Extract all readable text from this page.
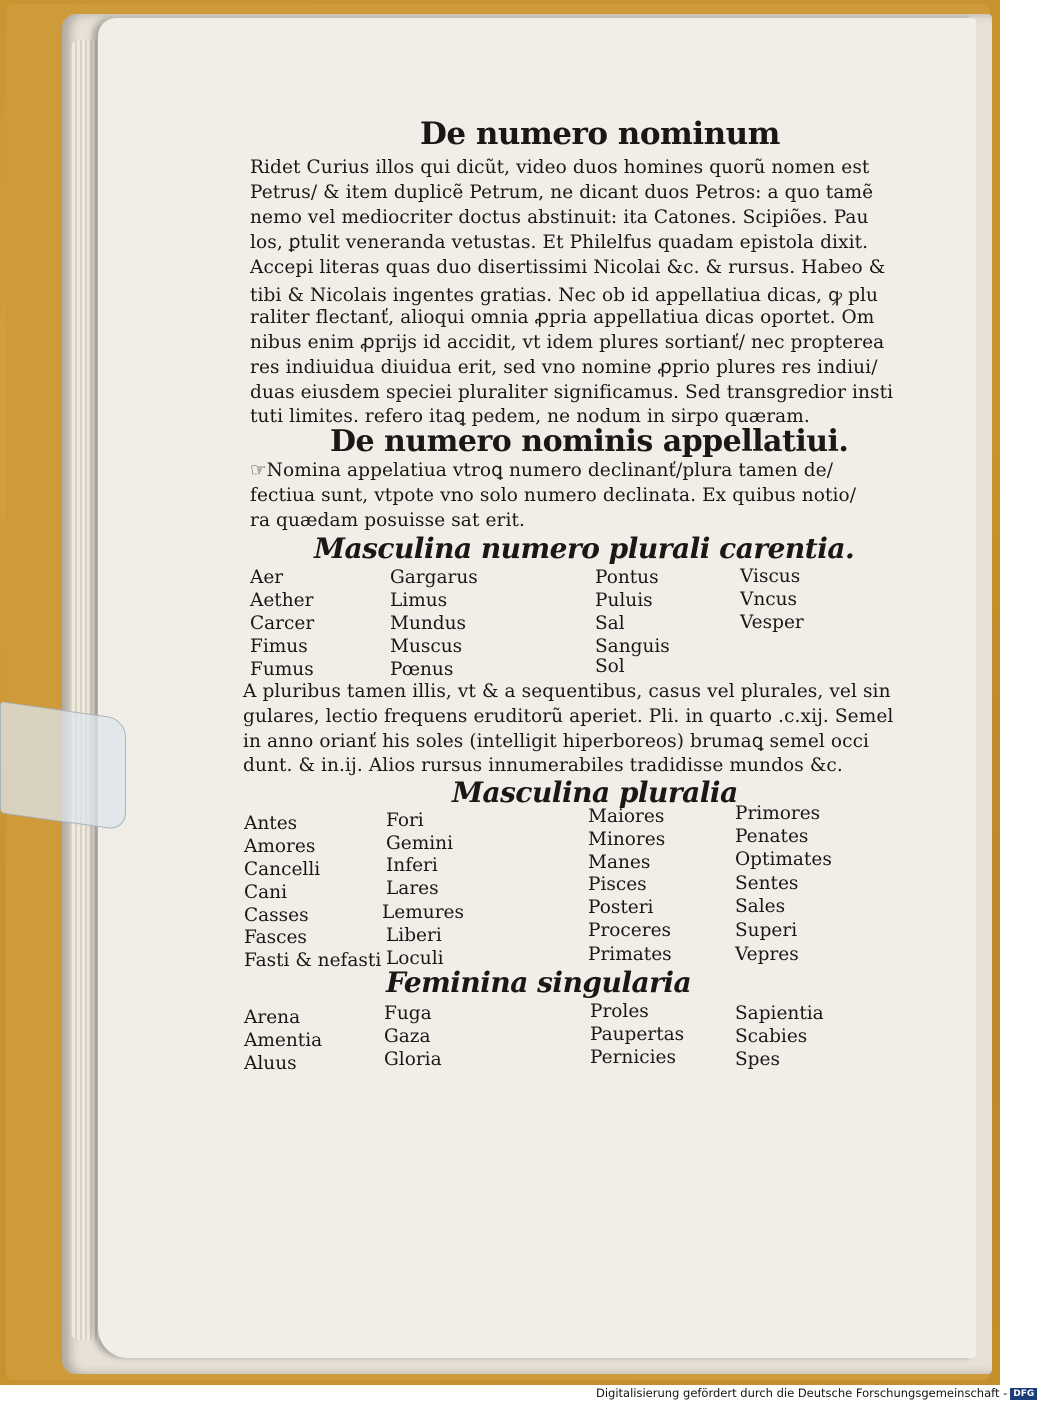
De numero nominum
De numero nominis appellatiui.
Masculina numero plurali carentia.
Masculina pluralia
Feminina singularia
Ridet Curius illos qui dicũt, video duos homines quorũ nomen est
Petrus/ & item duplicẽ Petrum, ne dicant duos Petros: a quo tamẽ
nemo vel mediocriter doctus abstinuit: ita Catones. Scipiões. Pau
los, ꝑtulit veneranda vetustas. Et Philelfus quadam epistola dixit.
Accepi literas quas duo disertissimi Nicolai &c. & rursus. Habeo &
tibi & Nicolais ingentes gratias. Nec ob id appellatiua dicas, ꝙ plu
raliter flectanť, alioqui omnia ꝓpria appellatiua dicas oportet. Om
nibus enim ꝓprijs id accidit, vt idem plures sortianť/ nec propterea
res indiuidua diuidua erit, sed vno nomine ꝓprio plures res indiui/
duas eiusdem speciei pluraliter significamus. Sed transgredior insti
tuti limites. refero itaꝗ pedem, ne nodum in sirpo quæram.
☞Nomina appelatiua vtroꝗ numero declinanť/plura tamen de/
fectiua sunt, vtpote vno solo numero declinata. Ex quibus notio/
ra quædam posuisse sat erit.
Aer
Aether
Carcer
Fimus
Fumus
Gargarus
Limus
Mundus
Muscus
Pœnus
Pontus
Puluis
Sal
Sanguis
Sol
Viscus
Vncus
Vesper
A pluribus tamen illis, vt & a sequentibus, casus vel plurales, vel sin
gulares, lectio frequens eruditorũ aperiet. Pli. in quarto .c.xij. Semel
in anno orianť his soles (intelligit hiperboreos) brumaꝗ semel occi
dunt. & in.ij. Alios rursus innumerabiles tradidisse mundos &c.
Antes
Amores
Cancelli
Cani
Casses
Fasces
Fasti & nefasti
Fori
Gemini
Inferi
Lares
Lemures
Liberi
Loculi
Maiores
Minores
Manes
Pisces
Posteri
Proceres
Primates
Primores
Penates
Optimates
Sentes
Sales
Superi
Vepres
Arena
Amentia
Aluus
Fuga
Gaza
Gloria
Proles
Paupertas
Pernicies
Sapientia
Scabies
Spes
Digitalisierung gefördert durch die Deutsche Forschungsgemeinschaft - DFG
